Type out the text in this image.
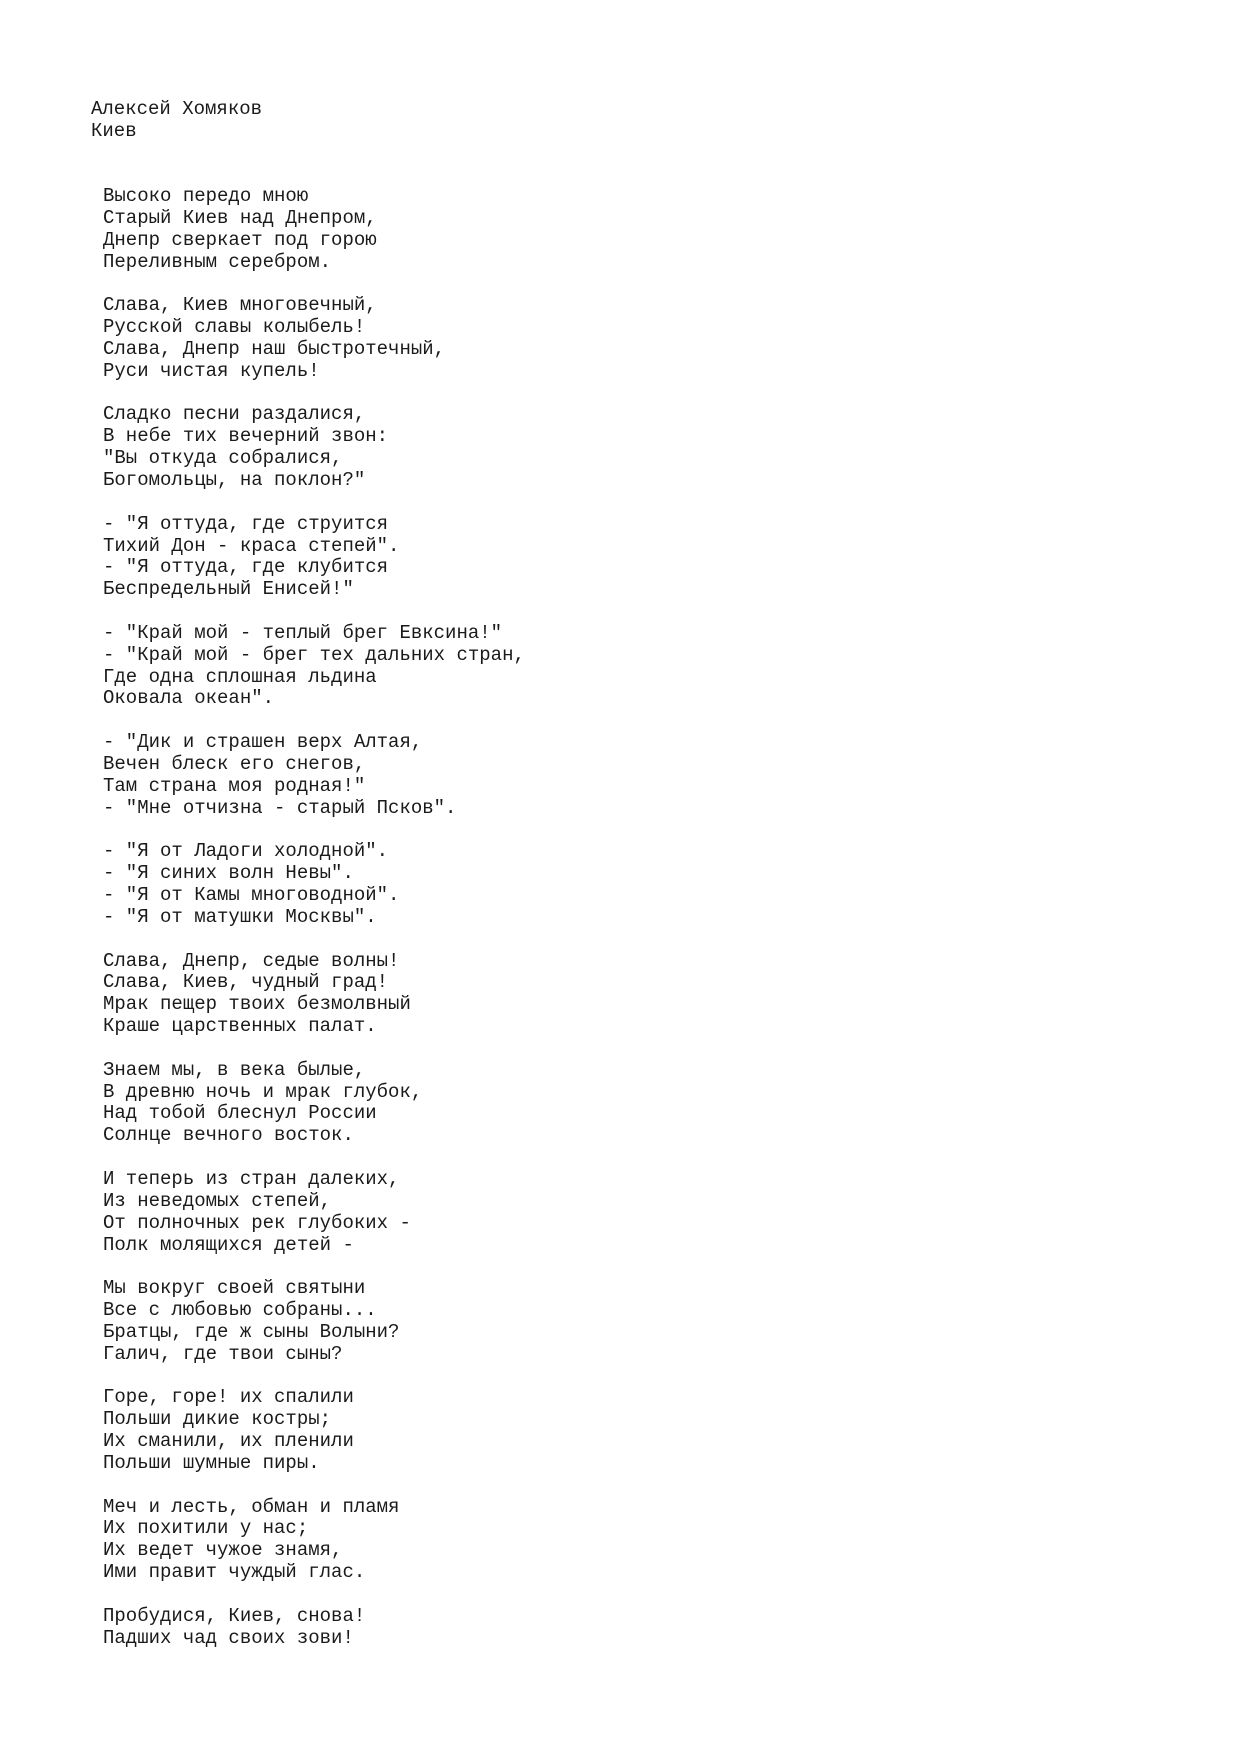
Алексей Хомяков
Киев
Высоко передо мною
Старый Киев над Днепром,
Днепр сверкает под горою
Переливным серебром.
Слава, Киев многовечный,
Русской славы колыбель!
Слава, Днепр наш быстротечный,
Руси чистая купель!
Сладко песни раздалися,
В небе тих вечерний звон:
"Вы откуда собралися,
Богомольцы, на поклон?"
- "Я оттуда, где струится
Тихий Дон - краса степей".
- "Я оттуда, где клубится
Беспредельный Енисей!"
- "Край мой - теплый брег Евксина!"
- "Край мой - брег тех дальних стран,
Где одна сплошная льдина
Оковала океан".
- "Дик и страшен верх Алтая,
Вечен блеск его снегов,
Там страна моя родная!"
- "Мне отчизна - старый Псков".
- "Я от Ладоги холодной".
- "Я синих волн Невы".
- "Я от Камы многоводной".
- "Я от матушки Москвы".
Слава, Днепр, седые волны!
Слава, Киев, чудный град!
Мрак пещер твоих безмолвный
Краше царственных палат.
Знаем мы, в века былые,
В древню ночь и мрак глубок,
Над тобой блеснул России
Солнце вечного восток.
И теперь из стран далеких,
Из неведомых степей,
От полночных рек глубоких -
Полк молящихся детей -
Мы вокруг своей святыни
Все с любовью собраны...
Братцы, где ж сыны Волыни?
Галич, где твои сыны?
Горе, горе! их спалили
Польши дикие костры;
Их сманили, их пленили
Польши шумные пиры.
Меч и лесть, обман и пламя
Их похитили у нас;
Их ведет чужое знамя,
Ими правит чуждый глас.
Пробудися, Киев, снова!
Падших чад своих зови!
